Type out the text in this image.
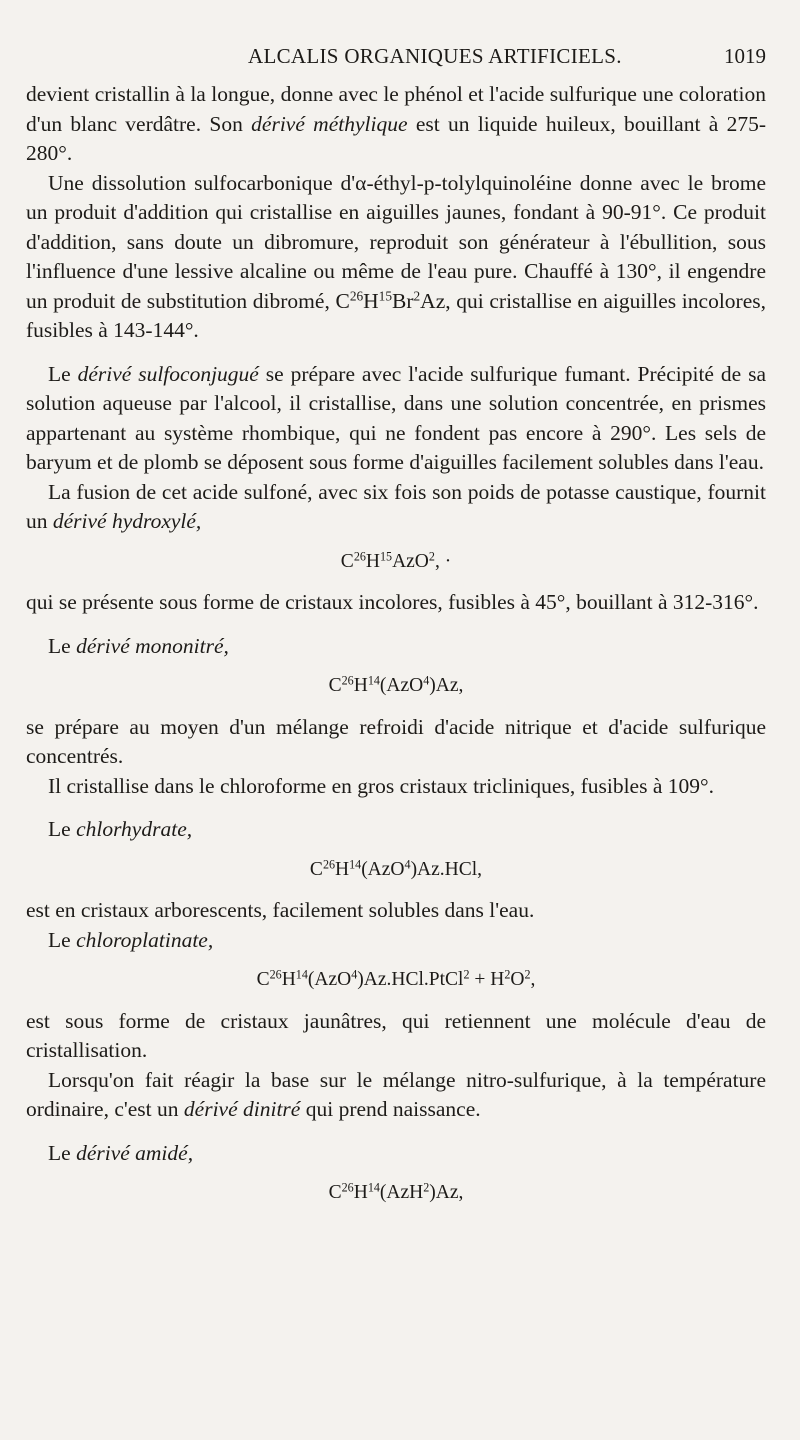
ALCALIS ORGANIQUES ARTIFICIELS.	1019

devient cristallin à la longue, donne avec le phénol et l'acide sulfurique une coloration d'un blanc verdâtre. Son dérivé méthylique est un liquide huileux, bouillant à 275-280°.

Une dissolution sulfocarbonique d'α-éthyl-p-tolylquinoléine donne avec le brome un produit d'addition qui cristallise en aiguilles jaunes, fondant à 90-91°. Ce produit d'addition, sans doute un dibromure, reproduit son générateur à l'ébullition, sous l'influence d'une lessive alcaline ou même de l'eau pure. Chauffé à 130°, il engendre un produit de substitution dibromé, $C^{26}H^{15}Br^2Az$, qui cristallise en aiguilles incolores, fusibles à 143-144°.

Le dérivé sulfoconjugué se prépare avec l'acide sulfurique fumant. Précipité de sa solution aqueuse par l'alcool, il cristallise, dans une solution concentrée, en prismes appartenant au système rhombique, qui ne fondent pas encore à 290°. Les sels de baryum et de plomb se déposent sous forme d'aiguilles facilement solubles dans l'eau.

La fusion de cet acide sulfoné, avec six fois son poids de potasse caustique, fournit un dérivé hydroxylé,

$C^{26}H^{15}AzO^2$, ·

qui se présente sous forme de cristaux incolores, fusibles à 45°, bouillant à 312-316°.

Le dérivé mononitré,

$C^{26}H^{14}(AzO^4)Az$,

se prépare au moyen d'un mélange refroidi d'acide nitrique et d'acide sulfurique concentrés.

Il cristallise dans le chloroforme en gros cristaux tricliniques, fusibles à 109°.

Le chlorhydrate,

$C^{26}H^{14}(AzO^4)Az.HCl$,

est en cristaux arborescents, facilement solubles dans l'eau.

Le chloroplatinate,

$C^{26}H^{14}(AzO^4)Az.HCl.PtCl^2 + H^2O^2$,

est sous forme de cristaux jaunâtres, qui retiennent une molécule d'eau de cristallisation.

Lorsqu'on fait réagir la base sur le mélange nitro-sulfurique, à la température ordinaire, c'est un dérivé dinitré qui prend naissance.

Le dérivé amidé,

$C^{26}H^{14}(AzH^2)Az$,
